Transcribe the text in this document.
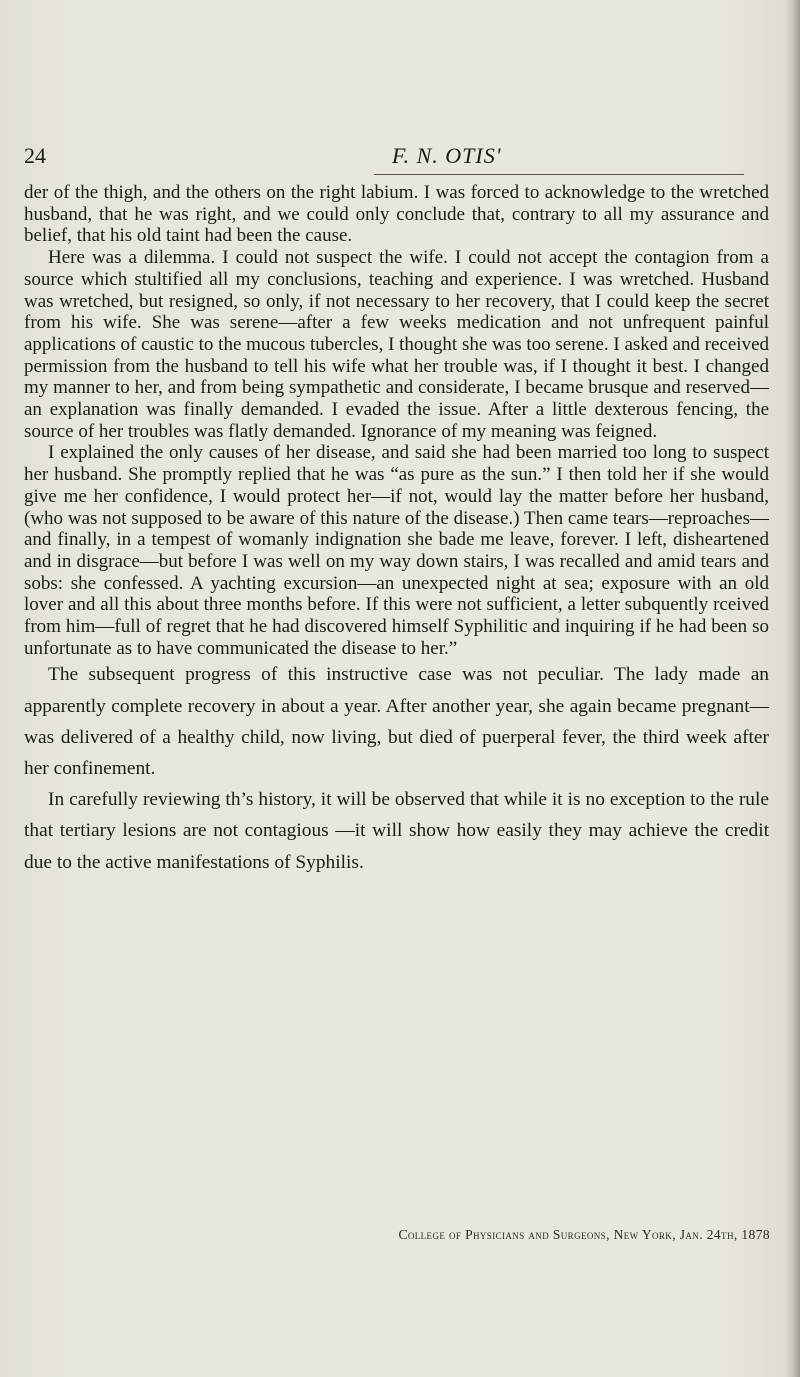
24	F. N. OTIS'

der of the thigh, and the others on the right labium. I was forced to acknowledge to the wretched husband, that he was right, and we could only conclude that, contrary to all my assurance and belief, that his old taint had been the cause.

Here was a dilemma. I could not suspect the wife. I could not accept the contagion from a source which stultified all my conclusions, teaching and experience. I was wretched. Husband was wretched, but resigned, so only, if not necessary to her recovery, that I could keep the secret from his wife. She was serene—after a few weeks medication and not unfrequent painful applications of caustic to the mucous tubercles, I thought she was too serene. I asked and received permission from the husband to tell his wife what her trouble was, if I thought it best. I changed my manner to her, and from being sympathetic and considerate, I became brusque and reserved—an explanation was finally demanded. I evaded the issue. After a little dexterous fencing, the source of her troubles was flatly demanded. Ignorance of my meaning was feigned.

I explained the only causes of her disease, and said she had been married too long to suspect her husband. She promptly replied that he was “as pure as the sun.” I then told her if she would give me her confidence, I would protect her—if not, would lay the matter before her husband, (who was not supposed to be aware of this nature of the disease.) Then came tears—reproaches—and finally, in a tempest of womanly indignation she bade me leave, forever. I left, disheartened and in disgrace—but before I was well on my way down stairs, I was recalled and amid tears and sobs: she confessed. A yachting excursion—an unexpected night at sea; exposure with an old lover and all this about three months before. If this were not sufficient, a letter subquently rceived from him—full of regret that he had discovered himself Syphilitic and inquiring if he had been so unfortunate as to have communicated the disease to her.”

The subsequent progress of this instructive case was not peculiar. The lady made an apparently complete recovery in about a year. After another year, she again became pregnant—was delivered of a healthy child, now living, but died of puerperal fever, the third week after her confinement.

In carefully reviewing th’s history, it will be observed that while it is no exception to the rule that tertiary lesions are not contagious —it will show how easily they may achieve the credit due to the active manifestations of Syphilis.

College of Physicians and Surgeons, New York, Jan. 24th, 1878
